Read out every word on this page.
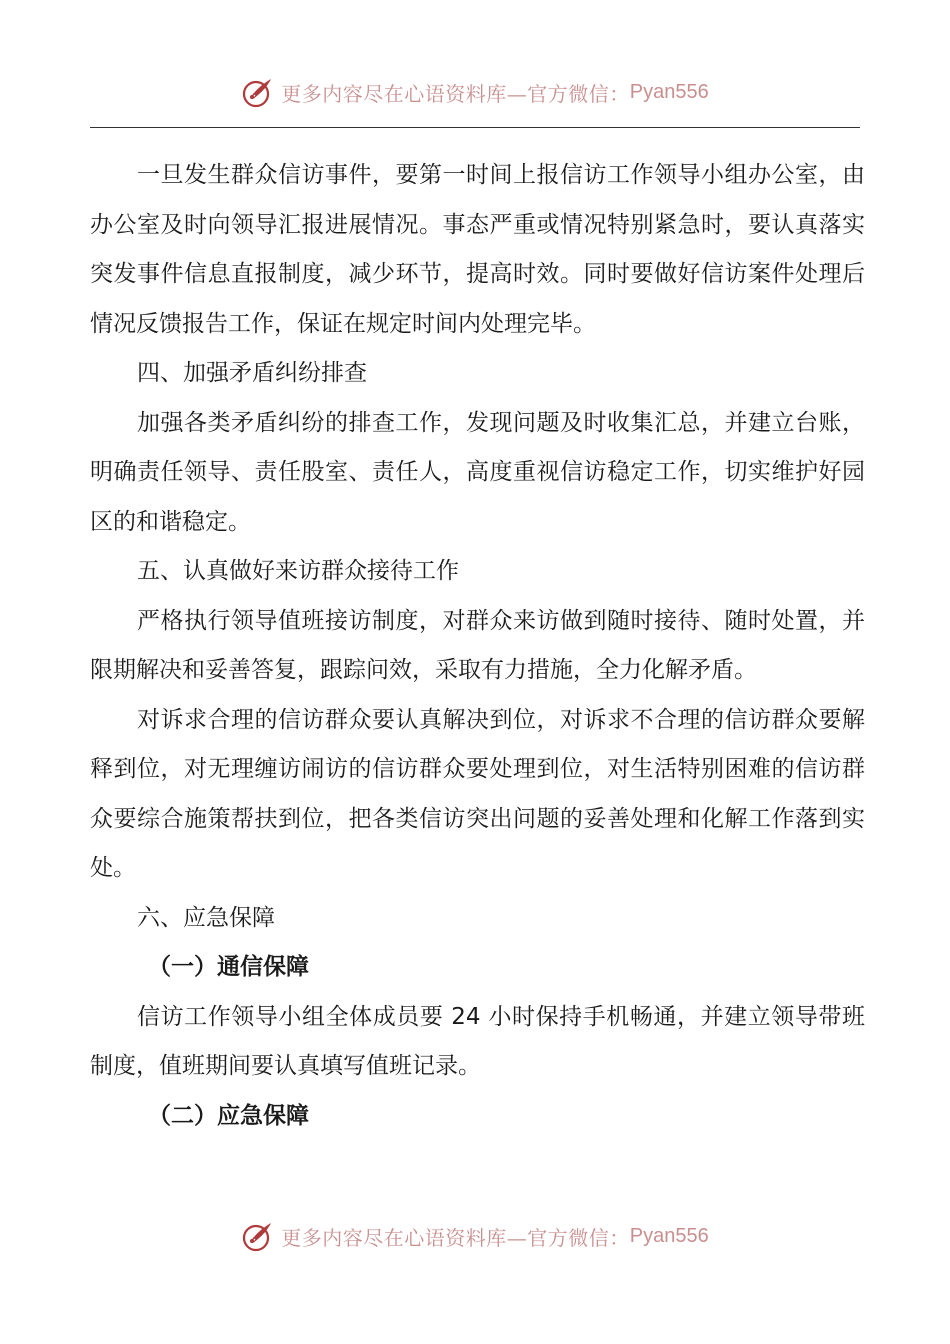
更多内容尽在心语资料库— 官方微信： Pyan556

一旦发生群众信访事件，要第一时间上报信访工作领导小组办公室，由办公室及时向领导汇报进展情况。事态严重或情况特别紧急时，要认真落实突发事件信息直报制度，减少环节，提高时效。同时要做好信访案件处理后情况反馈报告工作，保证在规定时间内处理完毕。

四、加强矛盾纠纷排查

加强各类矛盾纠纷的排查工作，发现问题及时收集汇总，并建立台账，明确责任领导、责任股室、责任人，高度重视信访稳定工作，切实维护好园区的和谐稳定。

五、认真做好来访群众接待工作

严格执行领导值班接访制度，对群众来访做到随时接待、随时处置，并限期解决和妥善答复，跟踪问效，采取有力措施，全力化解矛盾。

对诉求合理的信访群众要认真解决到位，对诉求不合理的信访群众要解释到位，对无理缠访闹访的信访群众要处理到位，对生活特别困难的信访群众要综合施策帮扶到位，把各类信访突出问题的妥善处理和化解工作落到实处。

六、应急保障

（一）通信保障

信访工作领导小组全体成员要 24 小时保持手机畅通，并建立领导带班制度，值班期间要认真填写值班记录。

（二）应急保障

更多内容尽在心语资料库— 官方微信： Pyan556
